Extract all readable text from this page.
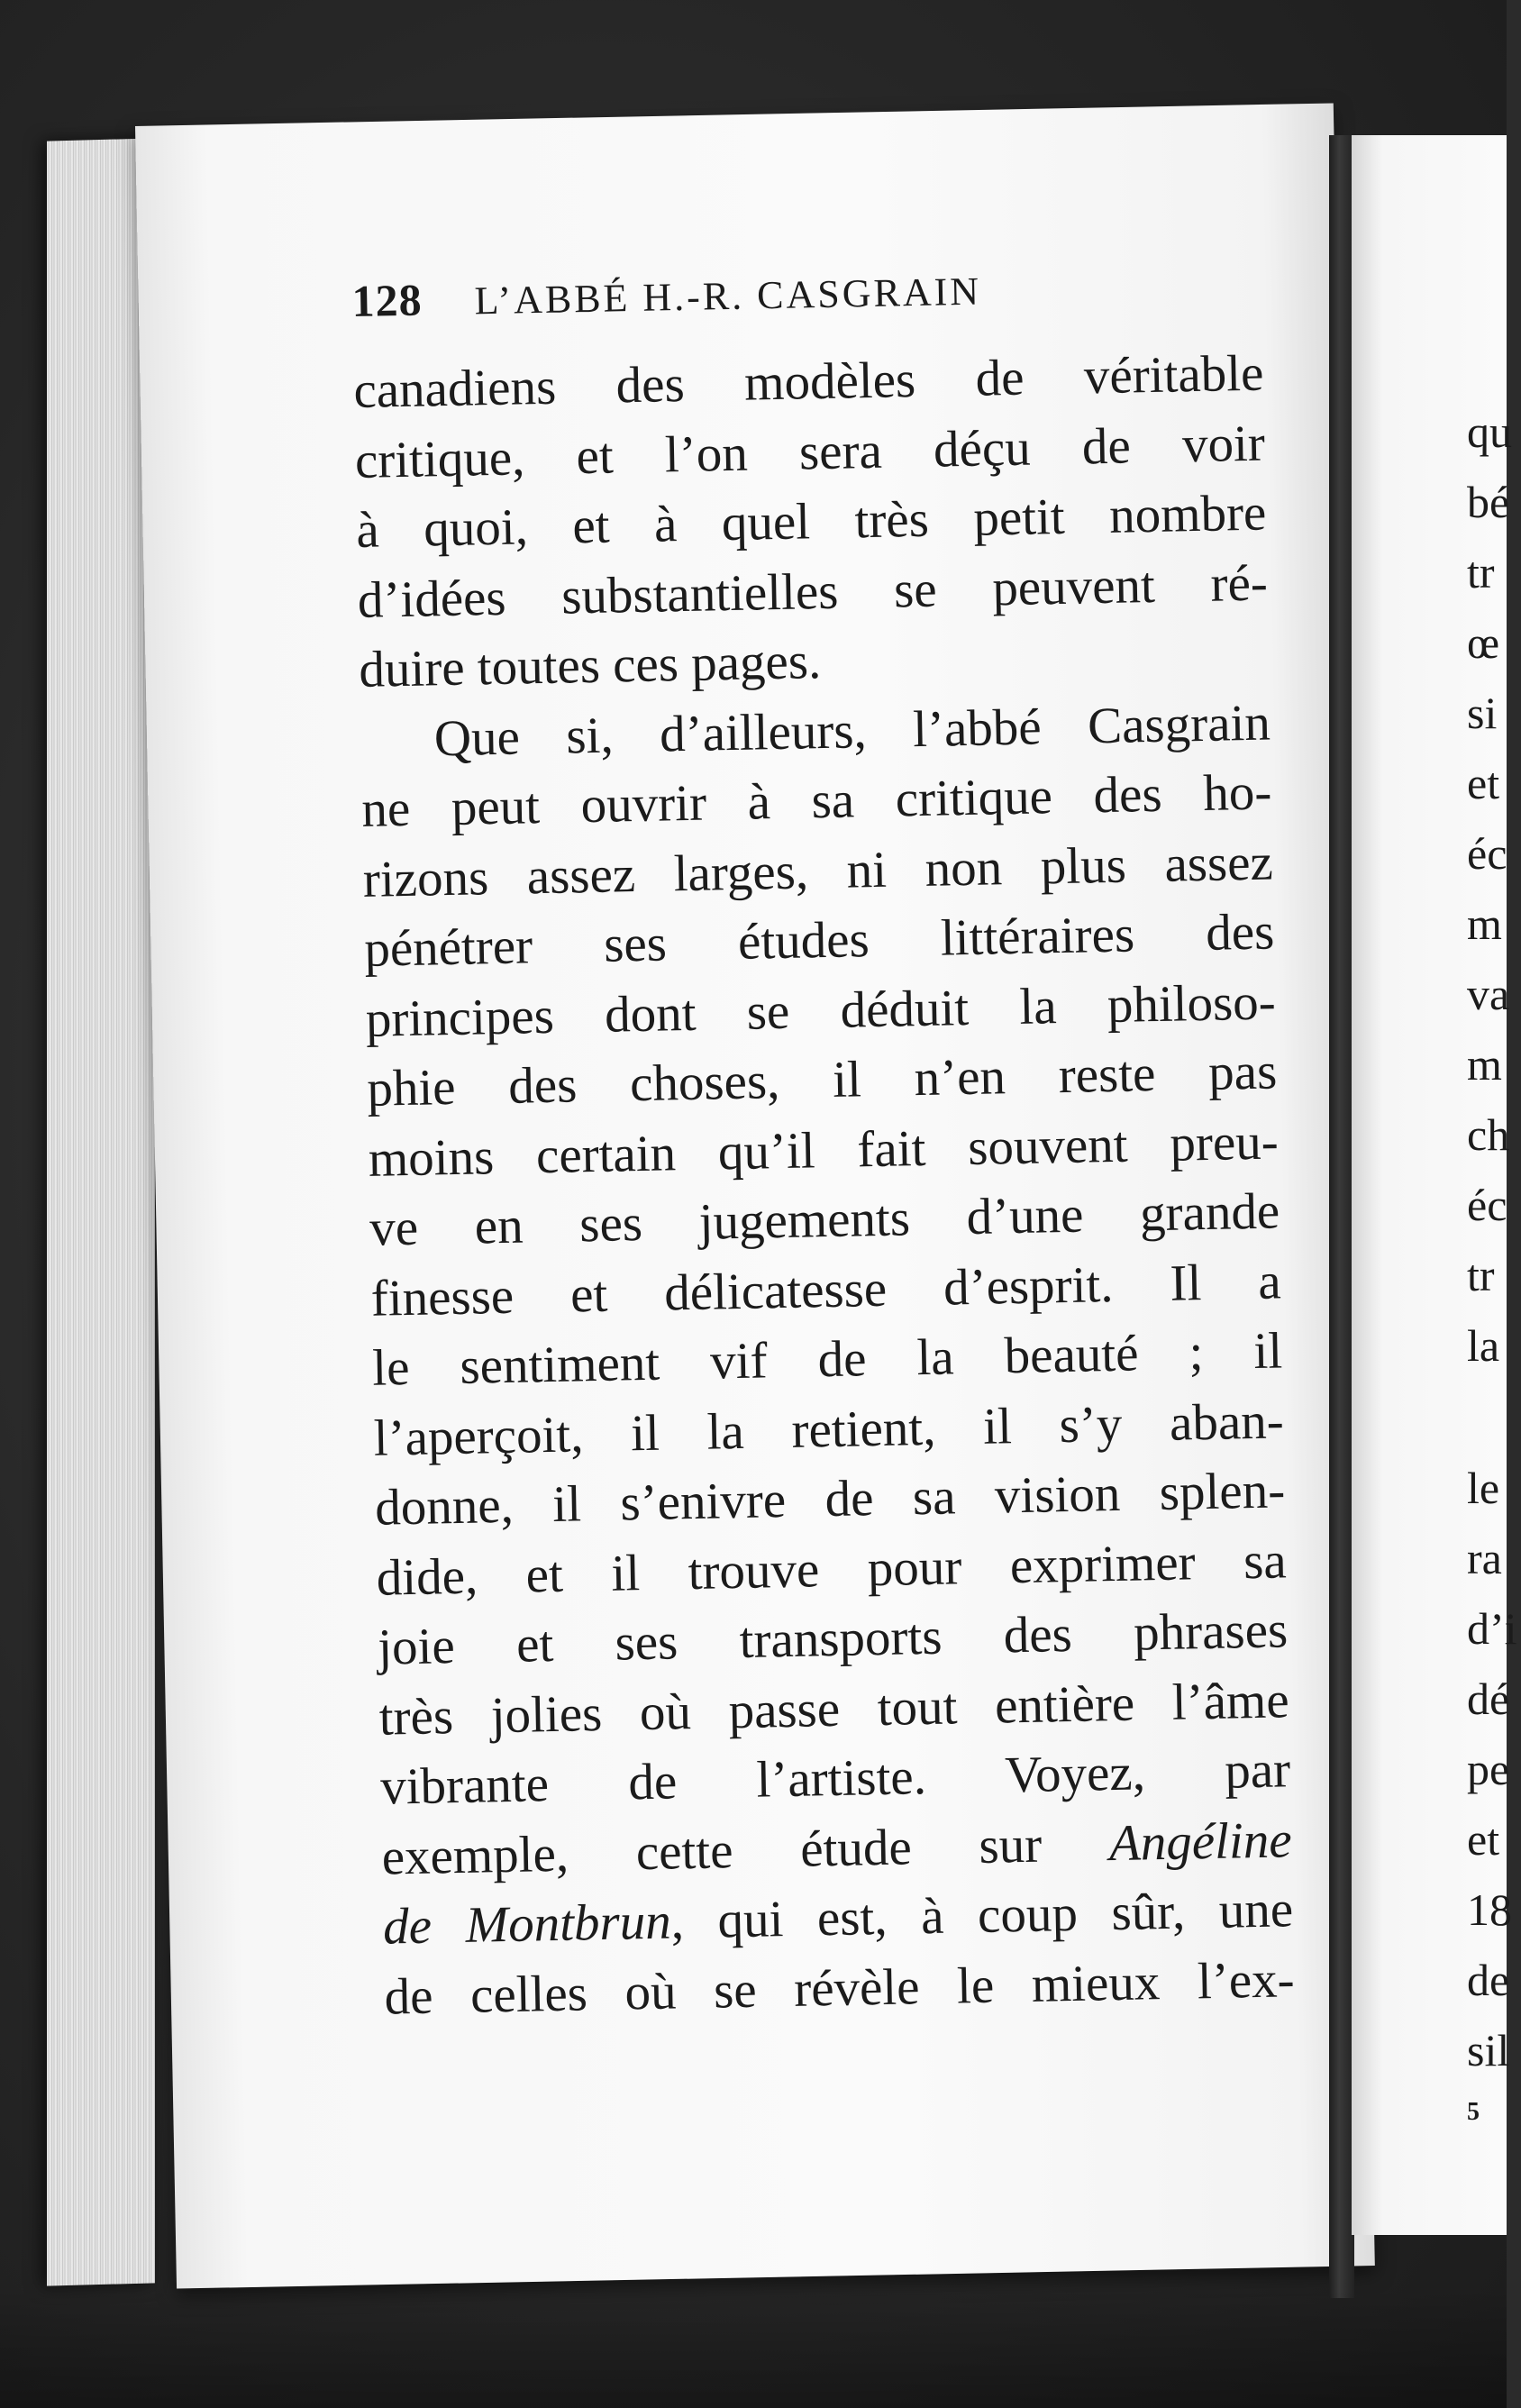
128 L’ABBÉ H.-R. CASGRAIN
canadiens des modèles de véritable
critique, et l’on sera déçu de voir
à quoi, et à quel très petit nombre
d’idées substantielles se peuvent ré-
duire toutes ces pages.
Que si, d’ailleurs, l’abbé Casgrain
ne peut ouvrir à sa critique des ho-
rizons assez larges, ni non plus assez
pénétrer ses études littéraires des
principes dont se déduit la philoso-
phie des choses, il n’en reste pas
moins certain qu’il fait souvent preu-
ve en ses jugements d’une grande
finesse et délicatesse d’esprit. Il a
le sentiment vif de la beauté ; il
l’aperçoit, il la retient, il s’y aban-
donne, il s’enivre de sa vision splen-
dide, et il trouve pour exprimer sa
joie et ses transports des phrases
très jolies où passe tout entière l’âme
vibrante de l’artiste. Voyez, par
exemple, cette étude sur Angéline
de Montbrun, qui est, à coup sûr, une
de celles où se révèle le mieux l’ex-
qu
bé
tr
œ
si
et
éc
m
va
m
ch
éc
tr
la
le
ra
d’i
dé
pe
et
18
de
sil
5
